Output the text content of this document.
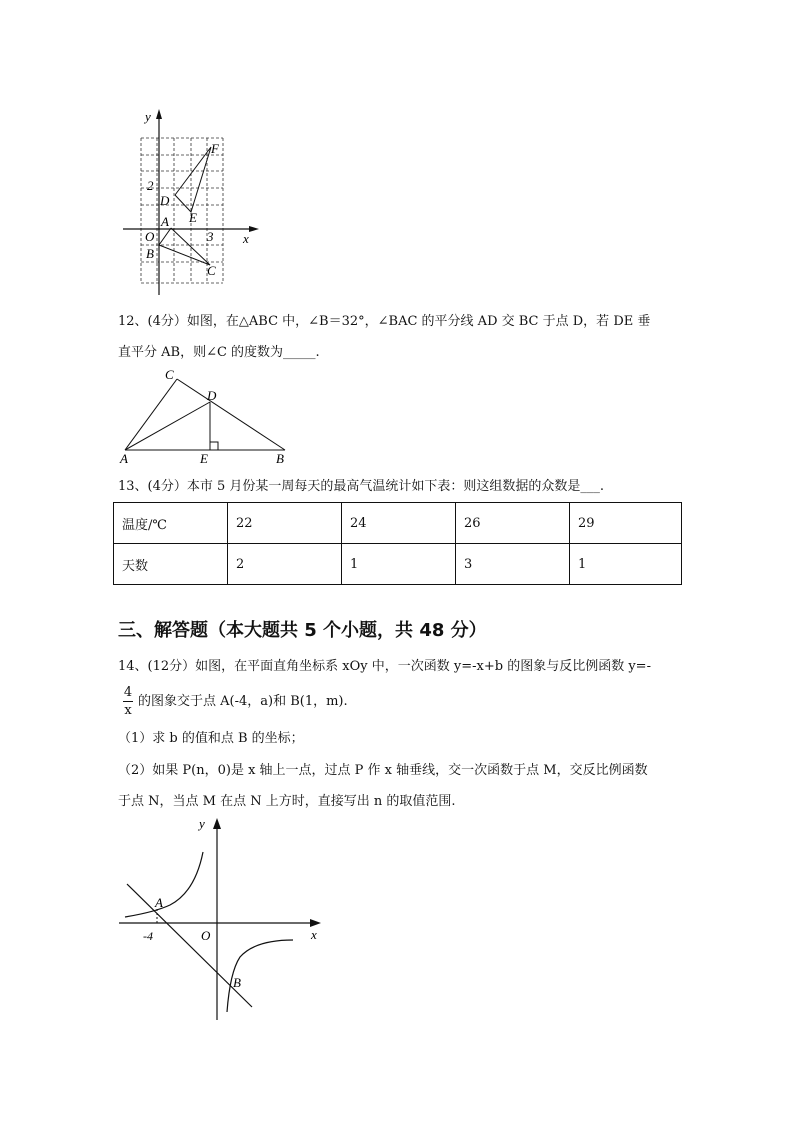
y
x
O
2
3
A
B
C
D
E
F
12、(4分）如图，在△ABC 中，∠B＝32°，∠BAC 的平分线 AD 交 BC 于点 D，若 DE 垂
直平分 AB，则∠C 的度数为_____.
A	E	B
C
D
13、(4分）本市 5 月份某一周每天的最高气温统计如下表：则这组数据的众数是___.
温度/℃	22	24	26	29
天数	2	1	3	1
三、解答题（本大题共 5 个小题，共 48 分）
14、(12分）如图，在平面直角坐标系 xOy 中，一次函数 y=-x+b 的图象与反比例函数 y=-
4
x
的图象交于点 A(-4，a)和 B(1，m).
（1）求 b 的值和点 B 的坐标；
（2）如果 P(n，0)是 x 轴上一点，过点 P 作 x 轴垂线，交一次函数于点 M，交反比例函数
于点 N，当点 M 在点 N 上方时，直接写出 n 的取值范围.
y
x
O
A
B
-4
